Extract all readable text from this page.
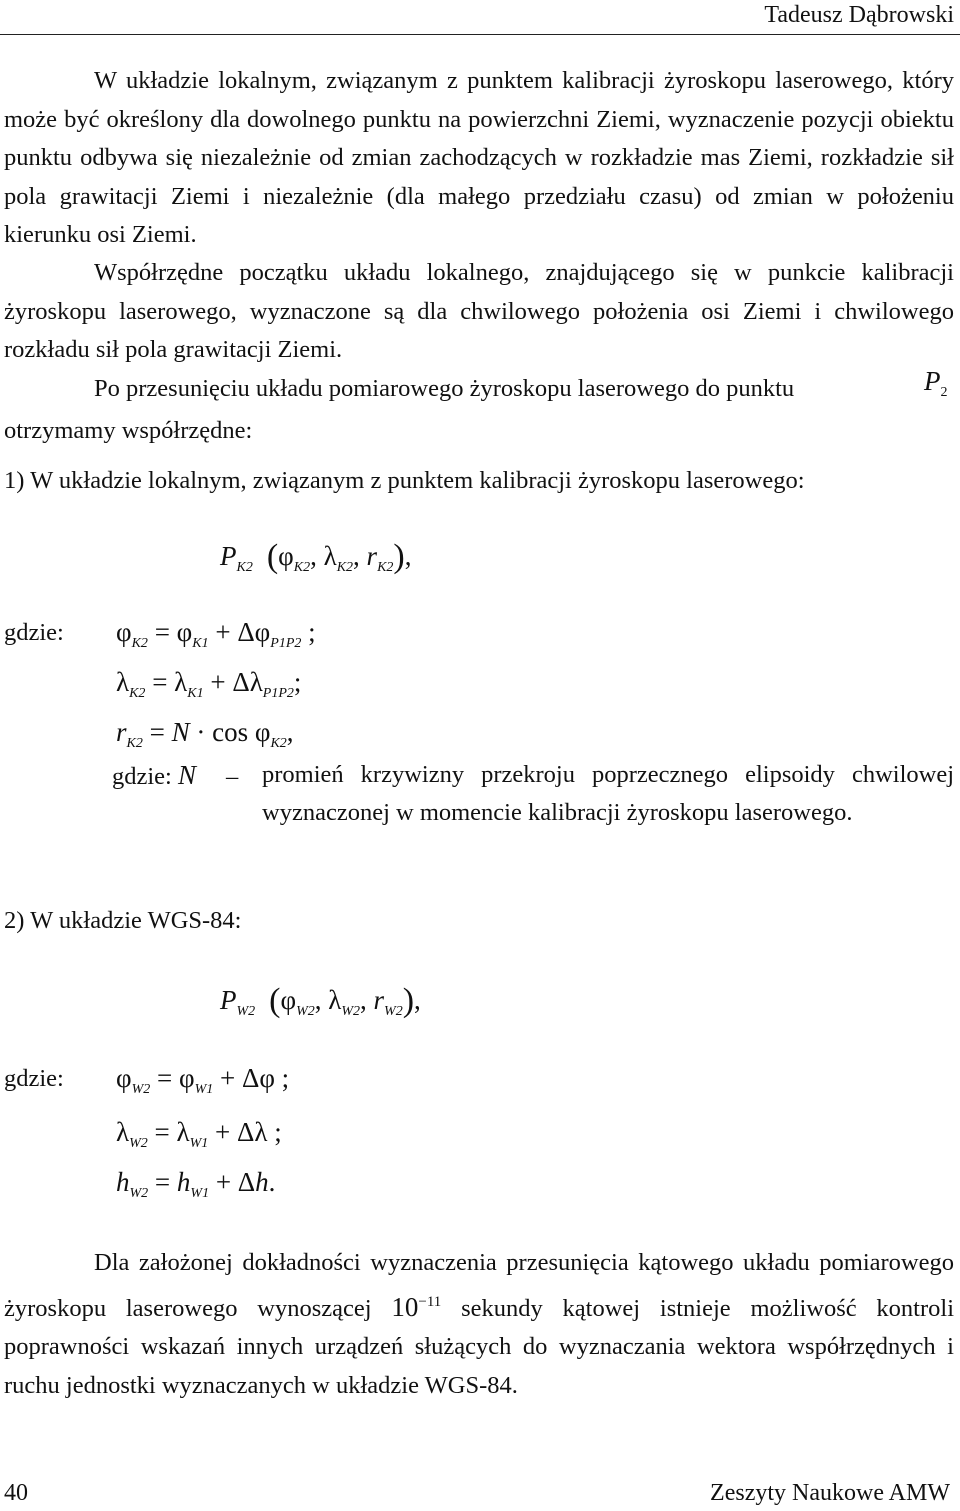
Tadeusz Dąbrowski

W układzie lokalnym, związanym z punktem kalibracji żyroskopu laserowego, który może być określony dla dowolnego punktu na powierzchni Ziemi, wyznaczenie pozycji obiektu punktu odbywa się niezależnie od zmian zachodzących w rozkładzie mas Ziemi, rozkładzie sił pola grawitacji Ziemi i niezależnie (dla małego przedziału czasu) od zmian w położeniu kierunku osi Ziemi.

Współrzędne początku układu lokalnego, znajdującego się w punkcie kalibracji żyroskopu laserowego, wyznaczone są dla chwilowego położenia osi Ziemi i chwilowego rozkładu sił pola grawitacji Ziemi.

Po przesunięciu układu pomiarowego żyroskopu laserowego do punktu	$P_2$
otrzymamy współrzędne:
1) W układzie lokalnym, związanym z punktem kalibracji żyroskopu laserowego:
$P_{K2}$ ($\varphi_{K2}$, $\lambda_{K2}$, $r_{K2}$),
gdzie: $\varphi_{K2} = \varphi_{K1} + \Delta\varphi_{P1P2}$ ;
$\lambda_{K2} = \lambda_{K1} + \Delta\lambda_{P1P2}$;
$r_{K2} = N \cdot \cos \varphi_{K2}$,
gdzie: N – promień krzywizny przekroju poprzecznego elipsoidy chwilowej wyznaczonej w momencie kalibracji żyroskopu laserowego.
2) W układzie WGS-84:
$P_{W2}$ ($\varphi_{W2}$, $\lambda_{W2}$, $r_{W2}$),
gdzie: $\varphi_{W2} = \varphi_{W1} + \Delta\varphi$ ;
$\lambda_{W2} = \lambda_{W1} + \Delta\lambda$ ;
$h_{W2} = h_{W1} + \Delta h$.

Dla założonej dokładności wyznaczenia przesunięcia kątowego układu pomiarowego żyroskopu laserowego wynoszącej $10^{-11}$ sekundy kątowej istnieje możliwość kontroli poprawności wskazań innych urządzeń służących do wyznaczania wektora współrzędnych i ruchu jednostki wyznaczanych w układzie WGS-84.

40	Zeszyty Naukowe AMW
